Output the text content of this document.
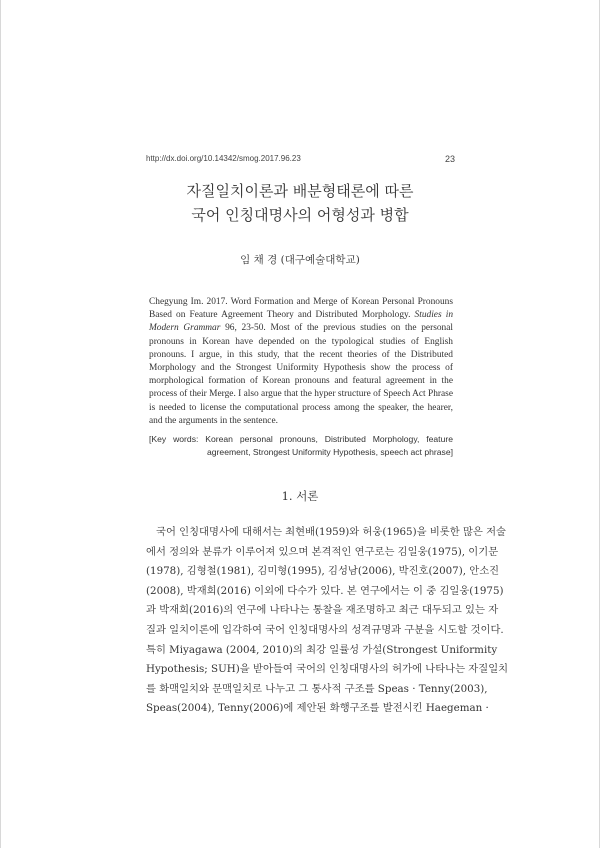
http://dx.doi.org/10.14342/smog.2017.96.23	23
자질일치이론과 배분형태론에 따른
국어 인칭대명사의 어형성과 병합
임 채 경 (대구예술대학교)
Chegyung Im. 2017. Word Formation and Merge of Korean Personal Pronouns Based on Feature Agreement Theory and Distributed Morphology. Studies in Modern Grammar 96, 23-50. Most of the previous studies on the personal pronouns in Korean have depended on the typological studies of English pronouns. I argue, in this study, that the recent theories of the Distributed Morphology and the Strongest Uniformity Hypothesis show the process of morphological formation of Korean pronouns and featural agreement in the process of their Merge. I also argue that the hyper structure of Speech Act Phrase is needed to license the computational process among the speaker, the hearer, and the arguments in the sentence.
[Key words: Korean personal pronouns, Distributed Morphology, feature
agreement, Strongest Uniformity Hypothesis, speech act phrase]
1. 서론
국어 인칭대명사에 대해서는 최현배(1959)와 허웅(1965)을 비롯한 많은 저술
에서 정의와 분류가 이루어져 있으며 본격적인 연구로는 김일웅(1975), 이기문
(1978), 김형철(1981), 김미형(1995), 김성남(2006), 박진호(2007), 안소진
(2008), 박재희(2016) 이외에 다수가 있다. 본 연구에서는 이 중 김일웅(1975)
과 박재희(2016)의 연구에 나타나는 통찰을 재조명하고 최근 대두되고 있는 자
질과 일치이론에 입각하여 국어 인칭대명사의 성격규명과 구분을 시도할 것이다.
특히 Miyagawa (2004, 2010)의 최강 일률성 가설(Strongest Uniformity
Hypothesis; SUH)을 받아들여 국어의 인칭대명사의 허가에 나타나는 자질일치
를 화맥일치와 문맥일치로 나누고 그 통사적 구조를 Speas · Tenny(2003),
Speas(2004), Tenny(2006)에 제안된 화행구조를 발전시킨 Haegeman ·
